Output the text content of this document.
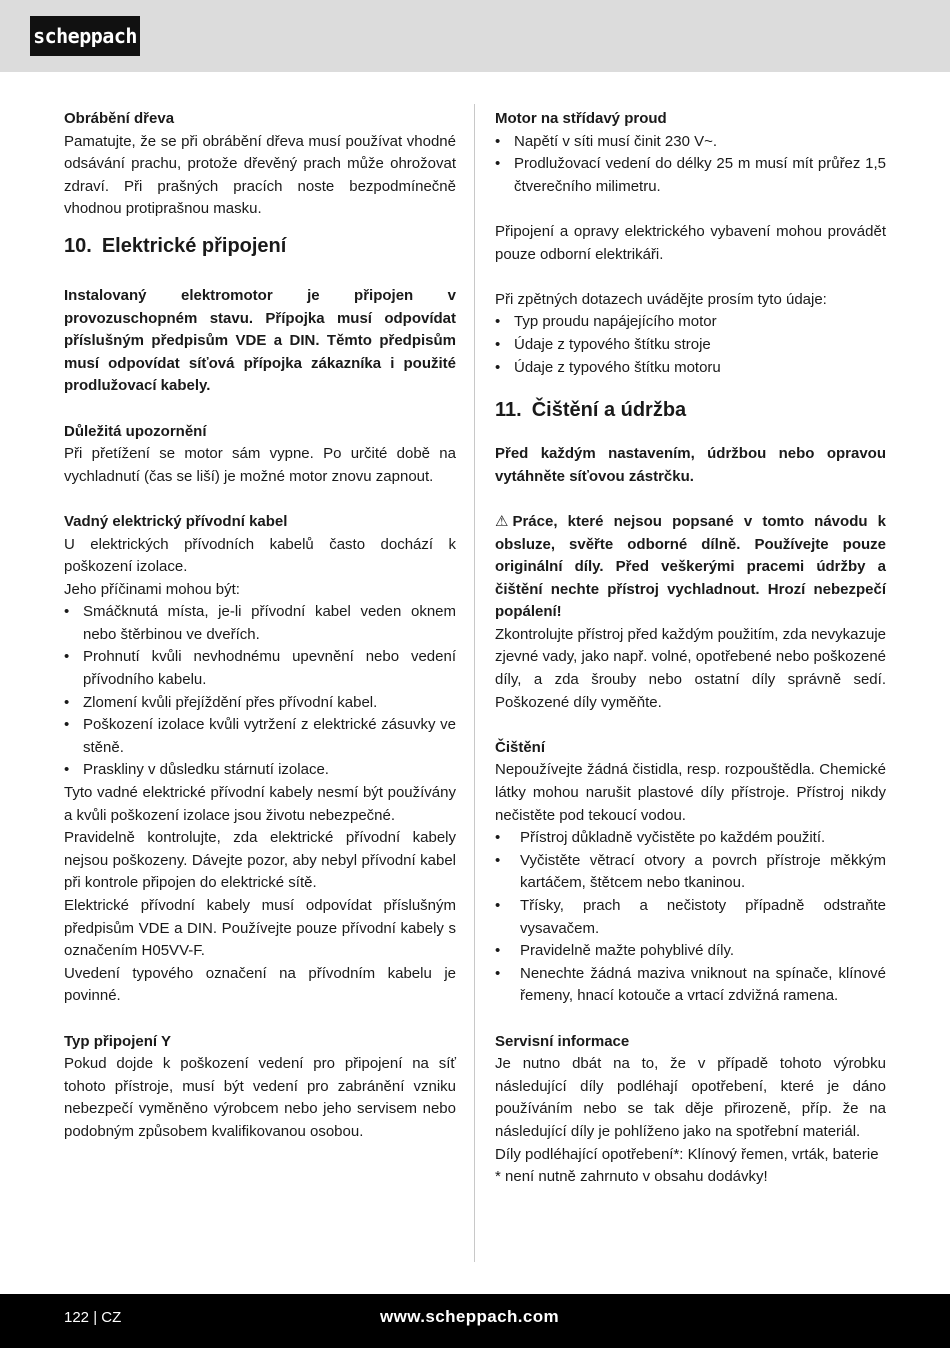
scheppach

Obrábění dřeva

Pamatujte, že se při obrábění dřeva musí používat vhodné odsávání prachu, protože dřevěný prach může ohrožovat zdraví. Při prašných pracích noste bezpodmínečně vhodnou protiprašnou masku.

10. Elektrické připojení

Instalovaný elektromotor je připojen v provozuschopném stavu. Přípojka musí odpovídat příslušným předpisům VDE a DIN. Těmto předpisům musí odpovídat síťová přípojka zákazníka i použité prodlužovací kabely.

Důležitá upozornění

Při přetížení se motor sám vypne. Po určité době na vychladnutí (čas se liší) je možné motor znovu zapnout.

Vadný elektrický přívodní kabel

U elektrických přívodních kabelů často dochází k poškození izolace.

Jeho příčinami mohou být:

• Smáčknutá místa, je-li přívodní kabel veden oknem nebo štěrbinou ve dveřích.
• Prohnutí kvůli nevhodnému upevnění nebo vedení přívodního kabelu.
• Zlomení kvůli přejíždění přes přívodní kabel.
• Poškození izolace kvůli vytržení z elektrické zásuvky ve stěně.
• Praskliny v důsledku stárnutí izolace.

Tyto vadné elektrické přívodní kabely nesmí být používány a kvůli poškození izolace jsou životu nebezpečné.

Pravidelně kontrolujte, zda elektrické přívodní kabely nejsou poškozeny. Dávejte pozor, aby nebyl přívodní kabel při kontrole připojen do elektrické sítě.

Elektrické přívodní kabely musí odpovídat příslušným předpisům VDE a DIN. Používejte pouze přívodní kabely s označením H05VV-F.

Uvedení typového označení na přívodním kabelu je povinné.

Typ připojení Y

Pokud dojde k poškození vedení pro připojení na síť tohoto přístroje, musí být vedení pro zabránění vzniku nebezpečí vyměněno výrobcem nebo jeho servisem nebo podobným způsobem kvalifikovanou osobou.

Motor na střídavý proud

• Napětí v síti musí činit 230 V~.
• Prodlužovací vedení do délky 25 m musí mít průřez 1,5 čtverečního milimetru.

Připojení a opravy elektrického vybavení mohou provádět pouze odborní elektrikáři.

Při zpětných dotazech uvádějte prosím tyto údaje:

• Typ proudu napájejícího motor
• Údaje z typového štítku stroje
• Údaje z typového štítku motoru
11. Čištění a údržba

Před každým nastavením, údržbou nebo opravou vytáhněte síťovou zástrčku.

⚠ Práce, které nejsou popsané v tomto návodu k obsluze, svěřte odborné dílně. Používejte pouze originální díly. Před veškerými pracemi údržby a čištění nechte přístroj vychladnout. Hrozí nebezpečí popálení!

Zkontrolujte přístroj před každým použitím, zda nevykazuje zjevné vady, jako např. volné, opotřebené nebo poškozené díly, a zda šrouby nebo ostatní díly správně sedí. Poškozené díly vyměňte.

Čištění

Nepoužívejte žádná čistidla, resp. rozpouštědla. Chemické látky mohou narušit plastové díly přístroje. Přístroj nikdy nečistěte pod tekoucí vodou.

• Přístroj důkladně vyčistěte po každém použití.
• Vyčistěte větrací otvory a povrch přístroje měkkým kartáčem, štětcem nebo tkaninou.
• Třísky, prach a nečistoty případně odstraňte vysavačem.
• Pravidelně mažte pohyblivé díly.
• Nenechte žádná maziva vniknout na spínače, klínové řemeny, hnací kotouče a vrtací zdvižná ramena.

Servisní informace

Je nutno dbát na to, že v případě tohoto výrobku následující díly podléhají opotřebení, které je dáno používáním nebo se tak děje přirozeně, příp. že na následující díly je pohlíženo jako na spotřební materiál.

Díly podléhající opotřebení*: Klínový řemen, vrták, baterie

* není nutně zahrnuto v obsahu dodávky!

122 | CZ	www.scheppach.com
